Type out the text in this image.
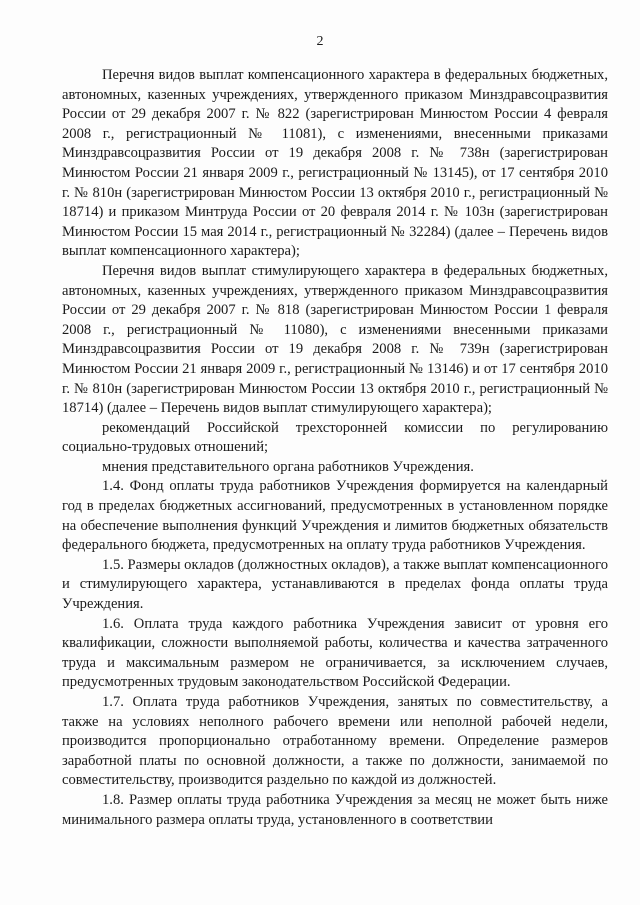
2

Перечня видов выплат компенсационного характера в федеральных бюджетных, автономных, казенных учреждениях, утвержденного приказом Минздравсоцразвития России от 29 декабря 2007 г. № 822 (зарегистрирован Минюстом России 4 февраля 2008 г., регистрационный № 11081), с изменениями, внесенными приказами Минздравсоцразвития России от 19 декабря 2008 г. № 738н (зарегистрирован Минюстом России 21 января 2009 г., регистрационный № 13145), от 17 сентября 2010 г. № 810н (зарегистрирован Минюстом России 13 октября 2010 г., регистрационный № 18714) и приказом Минтруда России от 20 февраля 2014 г. № 103н (зарегистрирован Минюстом России 15 мая 2014 г., регистрационный № 32284) (далее – Перечень видов выплат компенсационного характера);

Перечня видов выплат стимулирующего характера в федеральных бюджетных, автономных, казенных учреждениях, утвержденного приказом Минздравсоцразвития России от 29 декабря 2007 г. № 818 (зарегистрирован Минюстом России 1 февраля 2008 г., регистрационный № 11080), с изменениями внесенными приказами Минздравсоцразвития России от 19 декабря 2008 г. № 739н (зарегистрирован Минюстом России 21 января 2009 г., регистрационный № 13146) и от 17 сентября 2010 г. № 810н (зарегистрирован Минюстом России 13 октября 2010 г., регистрационный № 18714) (далее – Перечень видов выплат стимулирующего характера);

рекомендаций Российской трехсторонней комиссии по регулированию социально-трудовых отношений;

мнения представительного органа работников Учреждения.

1.4. Фонд оплаты труда работников Учреждения формируется на календарный год в пределах бюджетных ассигнований, предусмотренных в установленном порядке на обеспечение выполнения функций Учреждения и лимитов бюджетных обязательств федерального бюджета, предусмотренных на оплату труда работников Учреждения.

1.5. Размеры окладов (должностных окладов), а также выплат компенсационного и стимулирующего характера, устанавливаются в пределах фонда оплаты труда Учреждения.

1.6. Оплата труда каждого работника Учреждения зависит от уровня его квалификации, сложности выполняемой работы, количества и качества затраченного труда и максимальным размером не ограничивается, за исключением случаев, предусмотренных трудовым законодательством Российской Федерации.

1.7. Оплата труда работников Учреждения, занятых по совместительству, а также на условиях неполного рабочего времени или неполной рабочей недели, производится пропорционально отработанному времени. Определение размеров заработной платы по основной должности, а также по должности, занимаемой по совместительству, производится раздельно по каждой из должностей.

1.8. Размер оплаты труда работника Учреждения за месяц не может быть ниже минимального размера оплаты труда, установленного в соответствии
